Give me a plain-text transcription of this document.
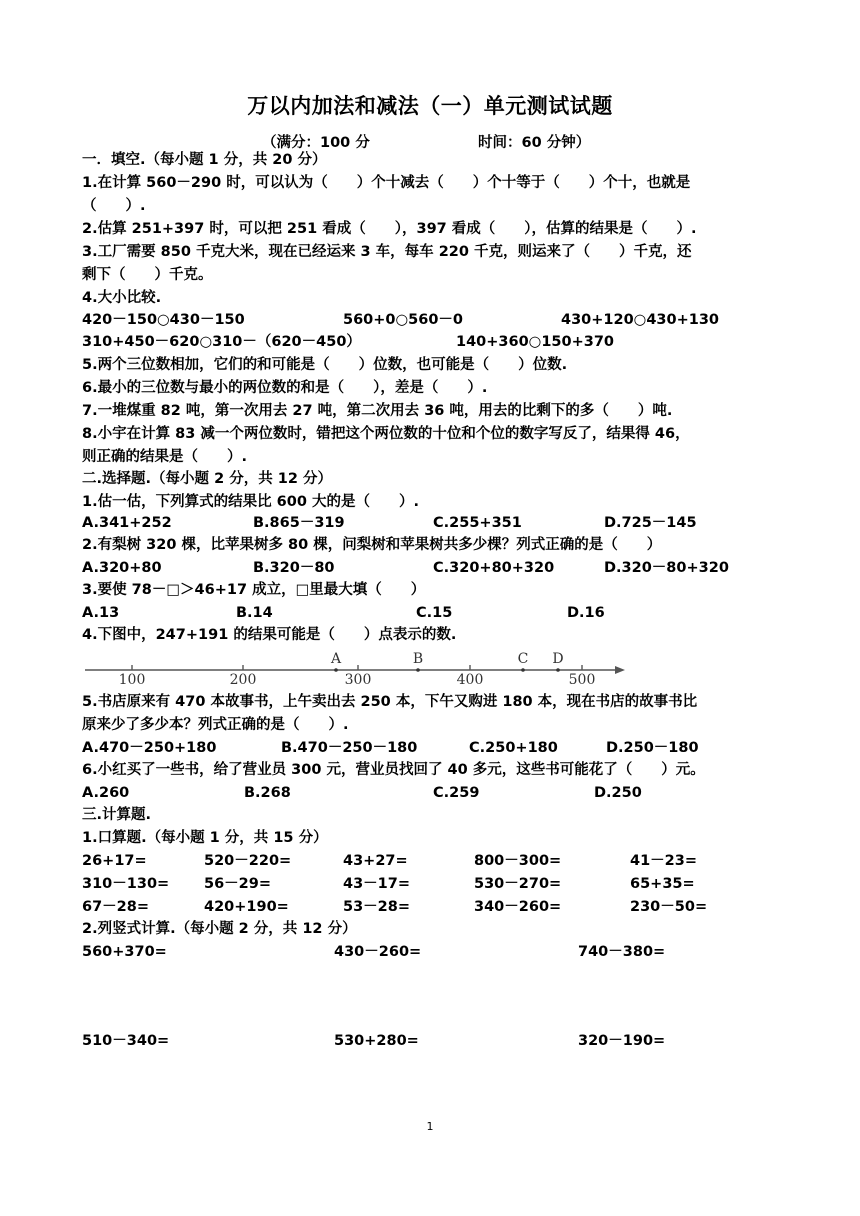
万以内加法和减法（一）单元测试试题
（满分：100 分	时间：60 分钟）
一．填空.（每小题 1 分，共 20 分）
1.在计算 560－290 时，可以认为（　　）个十减去（　　）个十等于（　　）个十，也就是
（　　）.
2.估算 251+397 时，可以把 251 看成（　　），397 看成（　　），估算的结果是（　　）.
3.工厂需要 850 千克大米，现在已经运来 3 车，每车 220 千克，则运来了（　　）千克，还
剩下（　　）千克。
4.大小比较.
420－150○430－150	560+0○560－0	430+120○430+130
310+450－620○310－（620－450）	140+360○150+370
5.两个三位数相加，它们的和可能是（　　）位数，也可能是（　　）位数.
6.最小的三位数与最小的两位数的和是（　　），差是（　　）.
7.一堆煤重 82 吨，第一次用去 27 吨，第二次用去 36 吨，用去的比剩下的多（　　）吨.
8.小宇在计算 83 减一个两位数时，错把这个两位数的十位和个位的数字写反了，结果得 46，
则正确的结果是（　　）.
二.选择题.（每小题 2 分，共 12 分）
1.估一估，下列算式的结果比 600 大的是（　　）.
A.341+252	B.865－319	C.255+351	D.725－145
2.有梨树 320 棵，比苹果树多 80 棵，问梨树和苹果树共多少棵？列式正确的是（　　）
A.320+80	B.320－80	C.320+80+320	D.320－80+320
3.要使 78－□＞46+17 成立，□里最大填（　　）
A.13	B.14	C.15	D.16
4.下图中，247+191 的结果可能是（　　）点表示的数.
100	200	300	400	500
A	B	C D
5.书店原来有 470 本故事书，上午卖出去 250 本，下午又购进 180 本，现在书店的故事书比
原来少了多少本？列式正确的是（　　）.
A.470－250+180	B.470－250－180	C.250+180	D.250－180
6.小红买了一些书，给了营业员 300 元，营业员找回了 40 多元，这些书可能花了（　　）元。
A.260	B.268	C.259	D.250
三.计算题.
1.口算题.（每小题 1 分，共 15 分）
26+17=	520－220=	43+27=	800－300=	41－23=
310－130= 56－29=	43－17=	530－270=	65+35=
67－28=	420+190=	53－28=	340－260=	230－50=
2.列竖式计算.（每小题 2 分，共 12 分）
560+370=	430－260=	740－380=
510－340=	530+280=	320－190=
1
